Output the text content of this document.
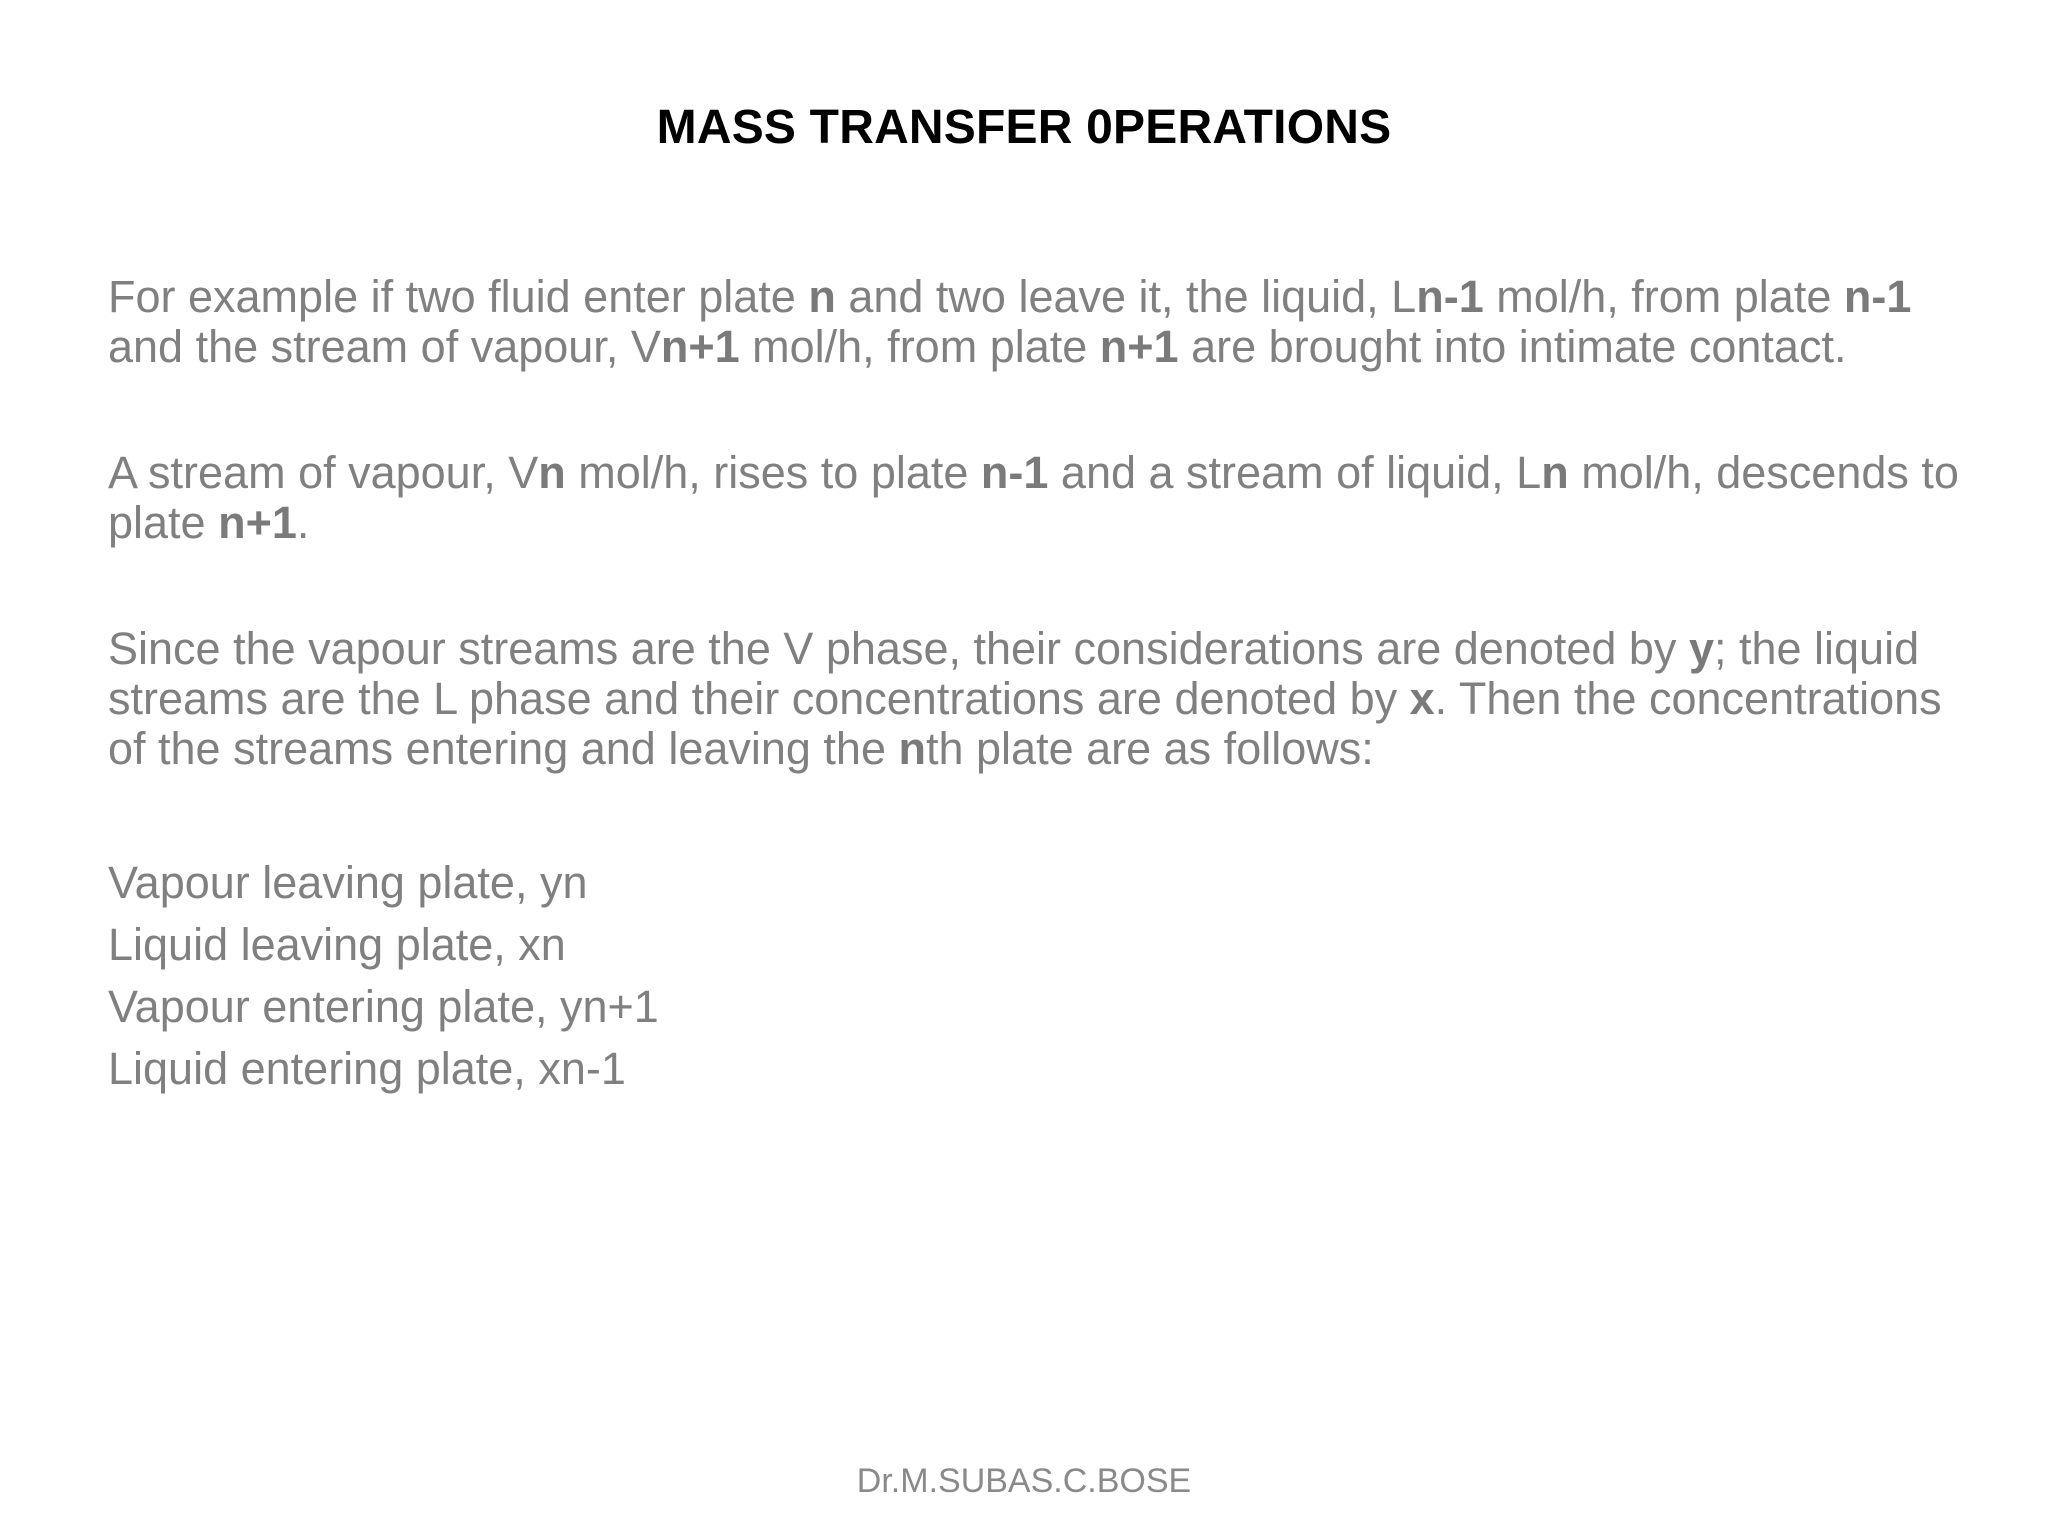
MASS TRANSFER 0PERATIONS

For example if two fluid enter plate n and two leave it, the liquid, Ln-1 mol/h, from plate n-1 and the stream of vapour, Vn+1 mol/h, from plate n+1 are brought into intimate contact.

A stream of vapour, Vn mol/h, rises to plate n-1 and a stream of liquid, Ln mol/h, descends to plate n+1.

Since the vapour streams are the V phase, their considerations are denoted by y; the liquid streams are the L phase and their concentrations are denoted by x. Then the concentrations of the streams entering and leaving the nth plate are as follows:

Vapour leaving plate, yn
Liquid leaving plate, xn
Vapour entering plate, yn+1
Liquid entering plate, xn-1
Dr.M.SUBAS.C.BOSE
